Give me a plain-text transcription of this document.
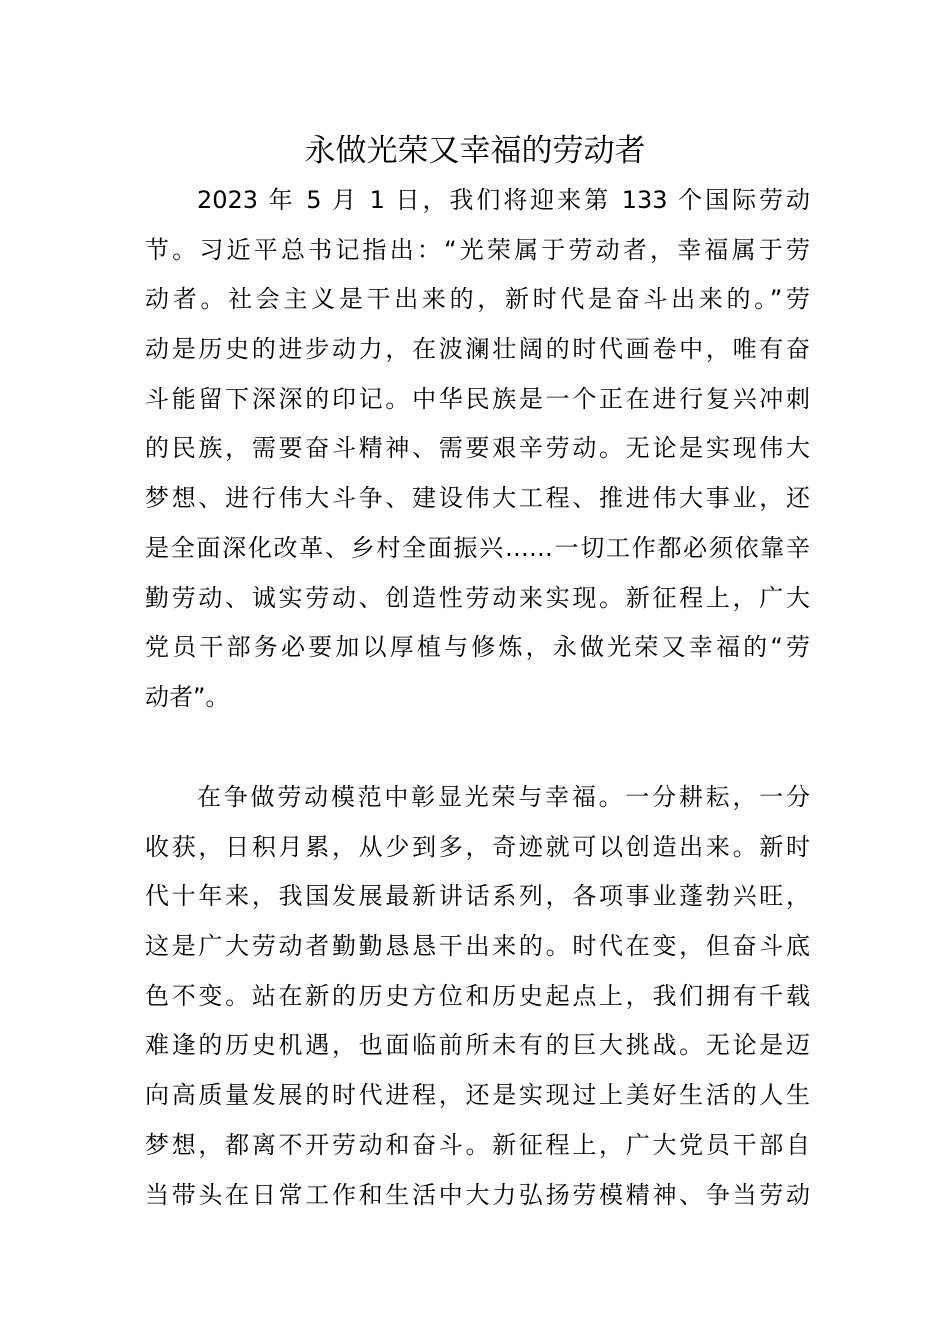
永做光荣又幸福的劳动者
2023 年 5 月 1 日，我们将迎来第 133 个国际劳动
节。习近平总书记指出：“光荣属于劳动者，幸福属于劳
动者。社会主义是干出来的，新时代是奋斗出来的。”劳
动是历史的进步动力，在波澜壮阔的时代画卷中，唯有奋
斗能留下深深的印记。中华民族是一个正在进行复兴冲刺
的民族，需要奋斗精神、需要艰辛劳动。无论是实现伟大
梦想、进行伟大斗争、建设伟大工程、推进伟大事业，还
是全面深化改革、乡村全面振兴……一切工作都必须依靠辛
勤劳动、诚实劳动、创造性劳动来实现。新征程上，广大
党员干部务必要加以厚植与修炼，永做光荣又幸福的“劳
动者”。
在争做劳动模范中彰显光荣与幸福。一分耕耘，一分
收获，日积月累，从少到多，奇迹就可以创造出来。新时
代十年来，我国发展最新讲话系列，各项事业蓬勃兴旺，
这是广大劳动者勤勤恳恳干出来的。时代在变，但奋斗底
色不变。站在新的历史方位和历史起点上，我们拥有千载
难逢的历史机遇，也面临前所未有的巨大挑战。无论是迈
向高质量发展的时代进程，还是实现过上美好生活的人生
梦想，都离不开劳动和奋斗。新征程上，广大党员干部自
当带头在日常工作和生活中大力弘扬劳模精神、争当劳动
